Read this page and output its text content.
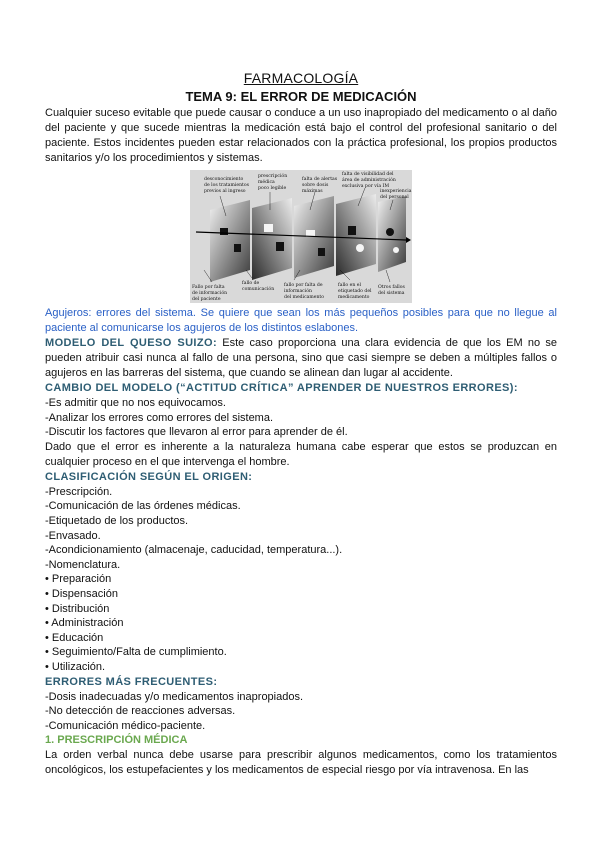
FARMACOLOGÍA
TEMA 9: EL ERROR DE MEDICACIÓN

Cualquier suceso evitable que puede causar o conduce a un uso inapropiado del medicamento o al daño del paciente y que sucede mientras la medicación está bajo el control del profesional sanitario o del paciente. Estos incidentes pueden estar relacionados con la práctica profesional, los propios productos sanitarios y/o los procedimientos y sistemas.

desconocimiento
de los tratamientos
previos al ingreso
prescripción
médica
poco legible
falta de alertas
sobre dosis
máximas
falta de visibilidad del
área de administración
exclusiva por vía IM
inexperiencia
del personal
Fallo por falta
de información
del paciente
fallo de
comunicación
fallo por falta de
información
del medicamento
fallo en el
etiquetado del
medicamento
Otros fallos
del sistema

Agujeros: errores del sistema. Se quiere que sean los más pequeños posibles para que no llegue al paciente al comunicarse los agujeros de los distintos eslabones.

MODELO DEL QUESO SUIZO: Este caso proporciona una clara evidencia de que los EM no se pueden atribuir casi nunca al fallo de una persona, sino que casi siempre se deben a múltiples fallos o agujeros en las barreras del sistema, que cuando se alinean dan lugar al accidente.

CAMBIO DEL MODELO (“ACTITUD CRÍTICA” APRENDER DE NUESTROS ERRORES):
-Es admitir que no nos equivocamos.
-Analizar los errores como errores del sistema.
-Discutir los factores que llevaron al error para aprender de él.

Dado que el error es inherente a la naturaleza humana cabe esperar que estos se produzcan en cualquier proceso en el que intervenga el hombre.

CLASIFICACIÓN SEGÚN EL ORIGEN:
-Prescripción.
-Comunicación de las órdenes médicas.
-Etiquetado de los productos.
-Envasado.
-Acondicionamiento (almacenaje, caducidad, temperatura...).
-Nomenclatura.
• Preparación
• Dispensación
• Distribución
• Administración
• Educación
• Seguimiento/Falta de cumplimiento.
• Utilización.
ERRORES MÁS FRECUENTES:
-Dosis inadecuadas y/o medicamentos inapropiados.
-No detección de reacciones adversas.
-Comunicación médico-paciente.
1. PRESCRIPCIÓN MÉDICA

La orden verbal nunca debe usarse para prescribir algunos medicamentos, como los tratamientos oncológicos, los estupefacientes y los medicamentos de especial riesgo por vía intravenosa. En las
